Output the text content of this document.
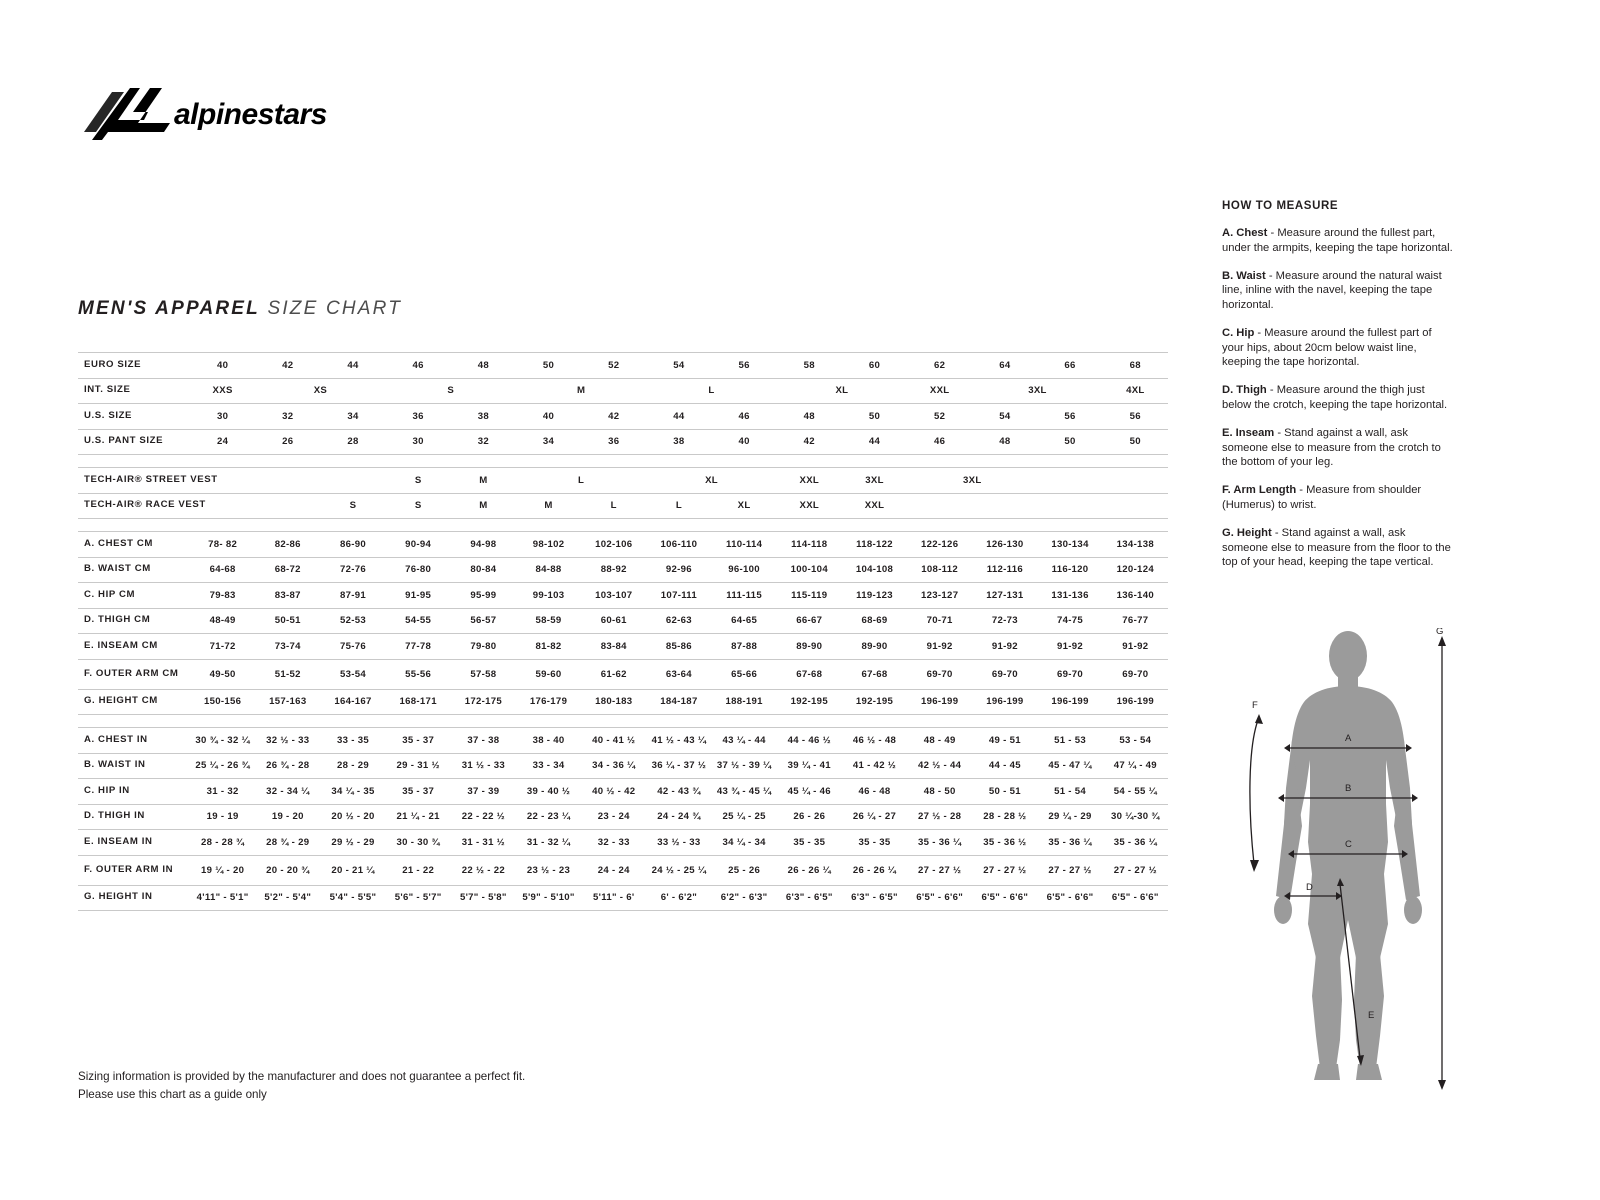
alpinestars
MEN'S APPAREL SIZE CHART
EURO SIZE	40	42	44	46	48	50	52	54	56	58	60	62	64	66	68
INT. SIZE	XXS	XS		S		M		L		XL		XXL	3XL		4XL
U.S. SIZE	30	32	34	36	38	40	42	44	46	48	50	52	54	56	56
U.S. PANT SIZE	24	26	28	30	32	34	36	38	40	42	44	46	48	50	50

TECH-AIR® STREET VEST				S	M	L		XL		XXL	3XL	3XL			
TECH-AIR® RACE VEST			S	S	M	M	L	L	XL	XXL	XXL				

A. CHEST CM	78- 82	82-86	86-90	90-94	94-98	98-102	102-106	106-110	110-114	114-118	118-122	122-126	126-130	130-134	134-138
B. WAIST CM	64-68	68-72	72-76	76-80	80-84	84-88	88-92	92-96	96-100	100-104	104-108	108-112	112-116	116-120	120-124
C. HIP CM	79-83	83-87	87-91	91-95	95-99	99-103	103-107	107-111	111-115	115-119	119-123	123-127	127-131	131-136	136-140
D. THIGH CM	48-49	50-51	52-53	54-55	56-57	58-59	60-61	62-63	64-65	66-67	68-69	70-71	72-73	74-75	76-77
E. INSEAM CM	71-72	73-74	75-76	77-78	79-80	81-82	83-84	85-86	87-88	89-90	89-90	91-92	91-92	91-92	91-92
F. OUTER ARM CM	49-50	51-52	53-54	55-56	57-58	59-60	61-62	63-64	65-66	67-68	67-68	69-70	69-70	69-70	69-70
G. HEIGHT CM	150-156	157-163	164-167	168-171	172-175	176-179	180-183	184-187	188-191	192-195	192-195	196-199	196-199	196-199	196-199

A. CHEST IN	30 ¾ - 32 ¼	32 ½ - 33	33 - 35	35 - 37	37 - 38	38 - 40	40 - 41 ½	41 ½ - 43 ¼	43 ¼ - 44	44 - 46 ½	46 ½ - 48	48 - 49	49 - 51	51 - 53	53 - 54
B. WAIST IN	25 ¼ - 26 ¾	26 ¾ - 28	28 - 29	29 - 31 ½	31 ½ - 33	33 - 34	34 - 36 ¼	36 ¼ - 37 ½	37 ½ - 39 ¼	39 ¼ - 41	41 - 42 ½	42 ½ - 44	44 - 45	45 - 47 ¼	47 ¼ - 49
C. HIP IN	31 - 32	32 - 34 ¼	34 ¼ - 35	35 - 37	37 - 39	39 - 40 ½	40 ½ - 42	42 - 43 ¾	43 ¾ - 45 ¼	45 ¼ - 46	46 - 48	48 - 50	50 - 51	51 - 54	54 - 55 ¼
D. THIGH IN	19 - 19	19 - 20	20 ½ - 20	21 ¼ - 21	22 - 22 ½	22 - 23 ¼	23 - 24	24 - 24 ¾	25 ¼ - 25	26 - 26	26 ¼ - 27	27 ½ - 28	28 - 28 ½	29 ¼ - 29	30 ¼-30 ¾
E. INSEAM IN	28 - 28 ¾	28 ¾ - 29	29 ½ - 29	30 - 30 ¾	31 - 31 ½	31 - 32 ¼	32 - 33	33 ½ - 33	34 ¼ - 34	35 - 35	35 - 35	35 - 36 ¼	35 - 36 ½	35 - 36 ¼	35 - 36 ¼
F. OUTER ARM IN	19 ¼ - 20	20 - 20 ¾	20 - 21 ¼	21 - 22	22 ½ - 22	23 ½ - 23	24 - 24	24 ½ - 25 ¼	25 - 26	26 - 26 ¼	26 - 26 ¼	27 - 27 ½	27 - 27 ½	27 - 27 ½	27 - 27 ½
G. HEIGHT IN	4'11" - 5'1"	5'2" - 5'4"	5'4" - 5'5"	5'6" - 5'7"	5'7" - 5'8"	5'9" - 5'10"	5'11" - 6'	6' - 6'2"	6'2" - 6'3"	6'3" - 6'5"	6'3" - 6'5"	6'5" - 6'6"	6'5" - 6'6"	6'5" - 6'6"	6'5" - 6'6"
HOW TO MEASURE

A. Chest - Measure around the fullest part, under the armpits, keeping the tape horizontal.

B. Waist - Measure around the natural waist line, inline with the navel, keeping the tape horizontal.

C. Hip - Measure around the fullest part of your hips, about 20cm below waist line, keeping the tape horizontal.

D. Thigh - Measure around the thigh just below the crotch, keeping the tape horizontal.

E. Inseam - Stand against a wall, ask someone else to measure from the crotch to the bottom of your leg.

F. Arm Length - Measure from shoulder (Humerus) to wrist.

G. Height - Stand against a wall, ask someone else to measure from the floor to the top of your head, keeping the tape vertical.

A
B
C
D
E
F
G
Sizing information is provided by the manufacturer and does not guarantee a perfect fit.
Please use this chart as a guide only
